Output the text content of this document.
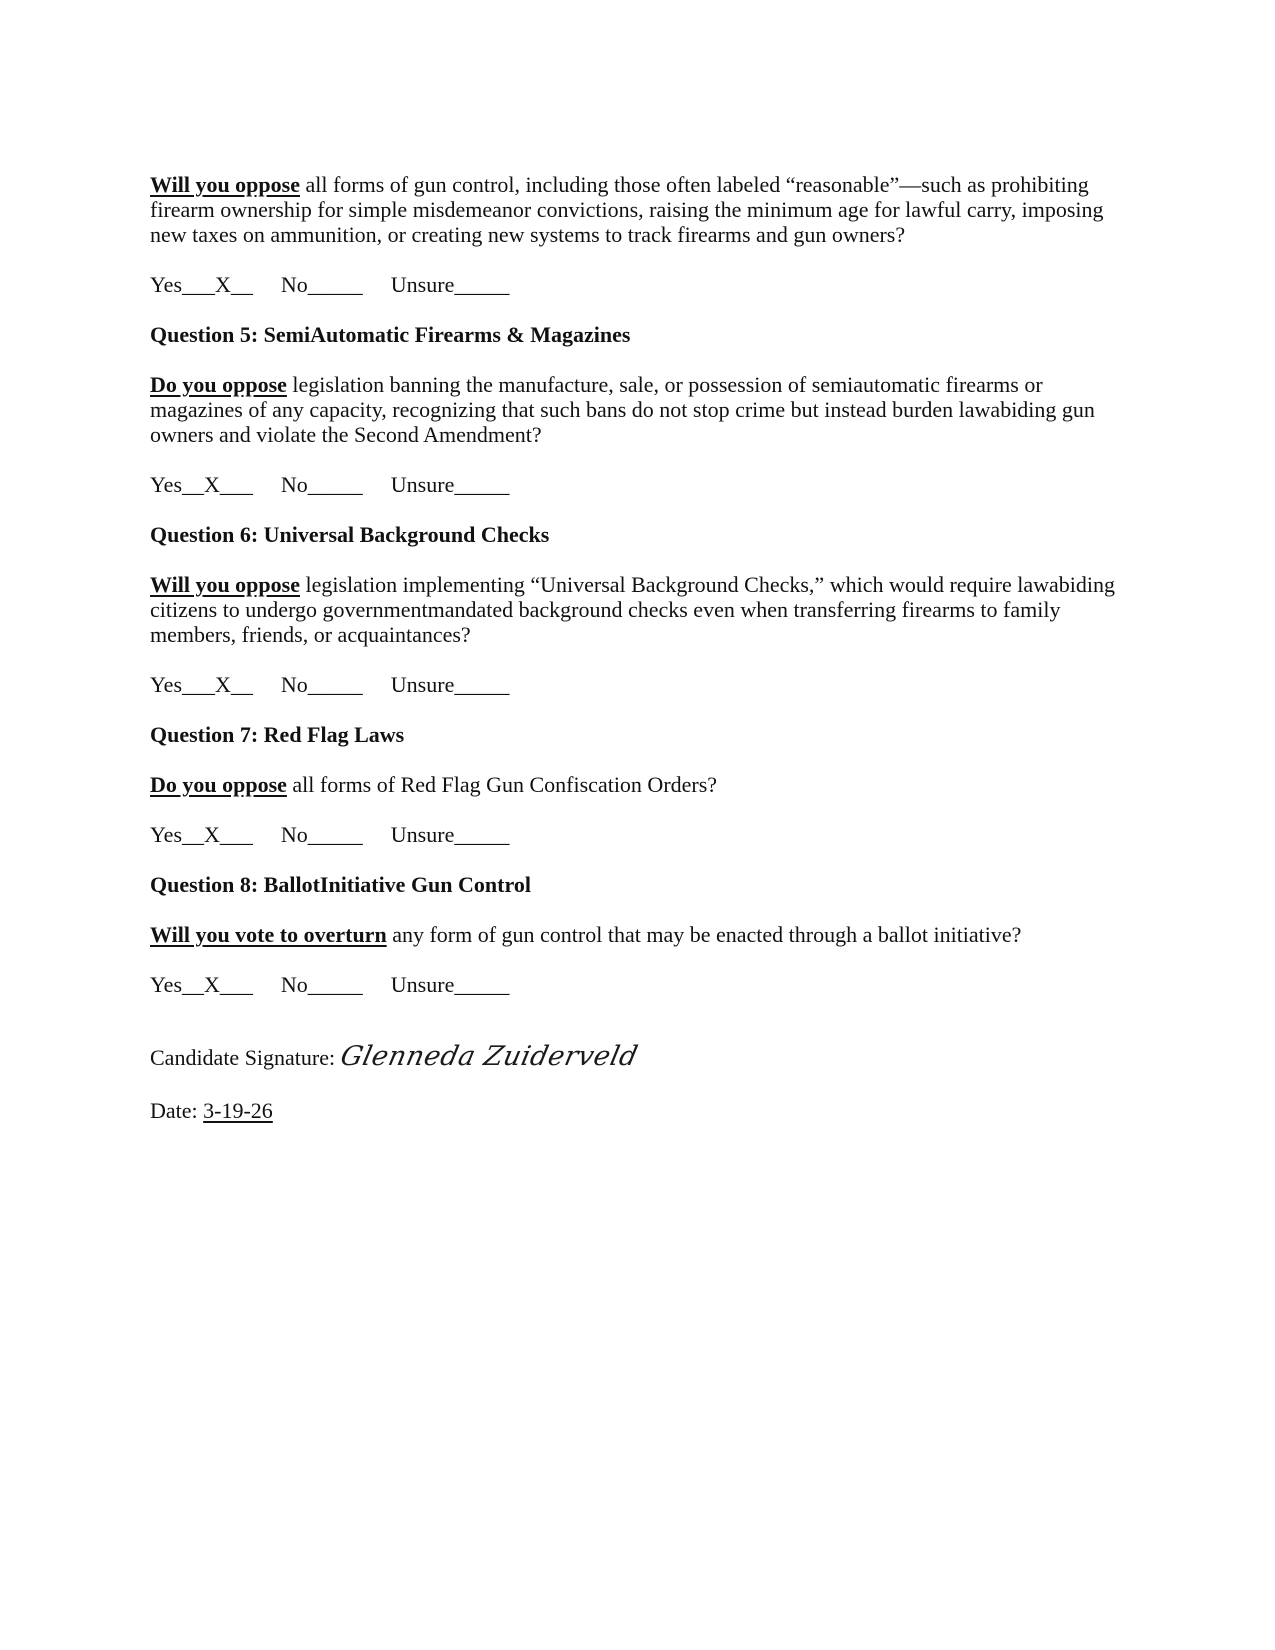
Will you oppose all forms of gun control, including those often labeled “reasonable”—such as prohibiting firearm ownership for simple misdemeanor convictions, raising the minimum age for lawful carry, imposing new taxes on ammunition, or creating new systems to track firearms and gun owners?

Yes___X__ No_____ Unsure_____
Question 5: SemiAutomatic Firearms & Magazines

Do you oppose legislation banning the manufacture, sale, or possession of semiautomatic firearms or magazines of any capacity, recognizing that such bans do not stop crime but instead burden lawabiding gun owners and violate the Second Amendment?

Yes__X___ No_____ Unsure_____
Question 6: Universal Background Checks

Will you oppose legislation implementing “Universal Background Checks,” which would require lawabiding citizens to undergo governmentmandated background checks even when transferring firearms to family members, friends, or acquaintances?

Yes___X__ No_____ Unsure_____
Question 7: Red Flag Laws

Do you oppose all forms of Red Flag Gun Confiscation Orders?

Yes__X___ No_____ Unsure_____
Question 8: BallotInitiative Gun Control

Will you vote to overturn any form of gun control that may be enacted through a ballot initiative?

Yes__X___ No_____ Unsure_____
Candidate Signature: Glenneda Zuiderveld
Date: 3-19-26
